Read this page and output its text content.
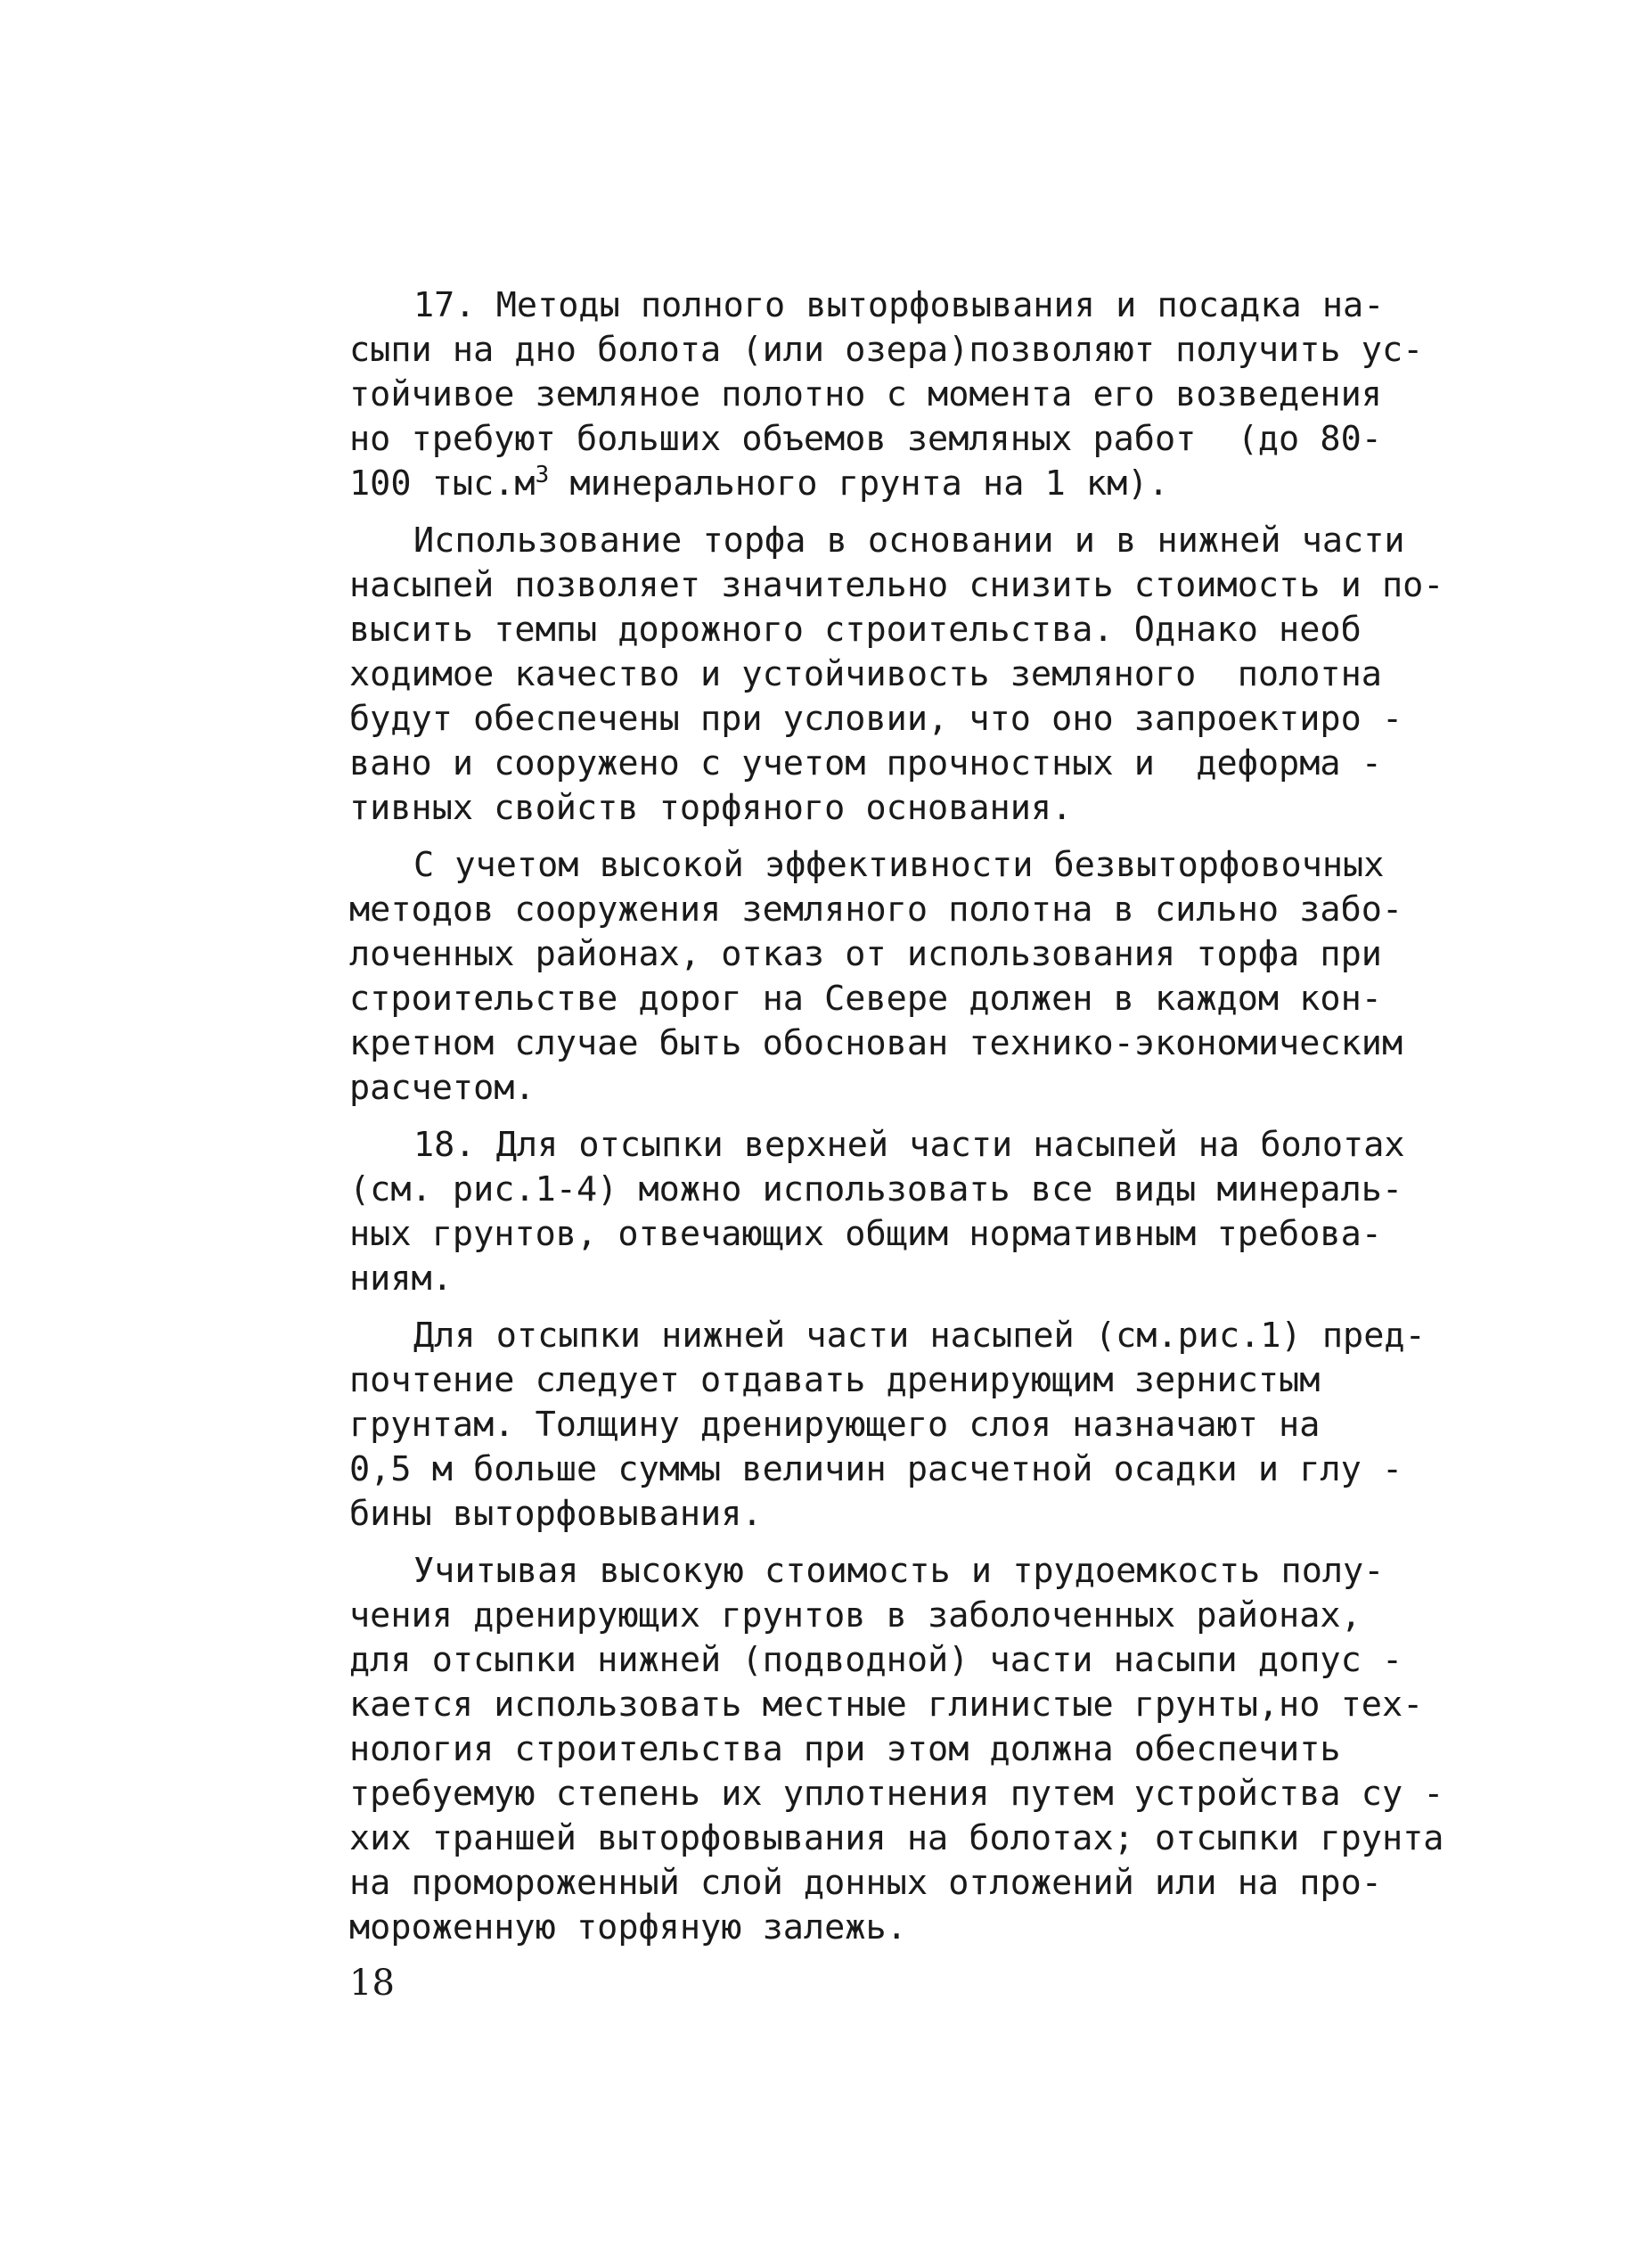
17. Методы полного выторфовывания и посадка на-
сыпи на дно болота (или озера)позволяют получить ус-
тойчивое земляное полотно с момента его возведения
но требуют больших объемов земляных работ  (до 80-
100 $тыс.м^3$ минерального грунта на 1 км).

Использование торфа в основании и в нижней части
насыпей позволяет значительно снизить стоимость и по-
высить темпы дорожного строительства. Однако необ
ходимое качество и устойчивость земляного  полотна
будут обеспечены при условии, что оно запроектиро -
вано и сооружено с учетом прочностных и  деформа -
тивных свойств торфяного основания.

С учетом высокой эффективности безвыторфовочных
методов сооружения земляного полотна в сильно забо-
лоченных районах, отказ от использования торфа при
строительстве дорог на Севере должен в каждом кон-
кретном случае быть обоснован технико-экономическим
расчетом.

18. Для отсыпки верхней части насыпей на болотах
(см. рис.1-4) можно использовать все виды минераль-
ных грунтов, отвечающих общим нормативным требова-
ниям.

Для отсыпки нижней части насыпей (см.рис.1) пред-
почтение следует отдавать дренирующим зернистым
грунтам. Толщину дренирующего слоя назначают на
0,5 м больше суммы величин расчетной осадки и глу -
бины выторфовывания.

Учитывая высокую стоимость и трудоемкость полу-
чения дренирующих грунтов в заболоченных районах,
для отсыпки нижней (подводной) части насыпи допус -
кается использовать местные глинистые грунты,но тех-
нология строительства при этом должна обеспечить
требуемую степень их уплотнения путем устройства су -
хих траншей выторфовывания на болотах; отсыпки грунта
на промороженный слой донных отложений или на про-
мороженную торфяную залежь.

18
